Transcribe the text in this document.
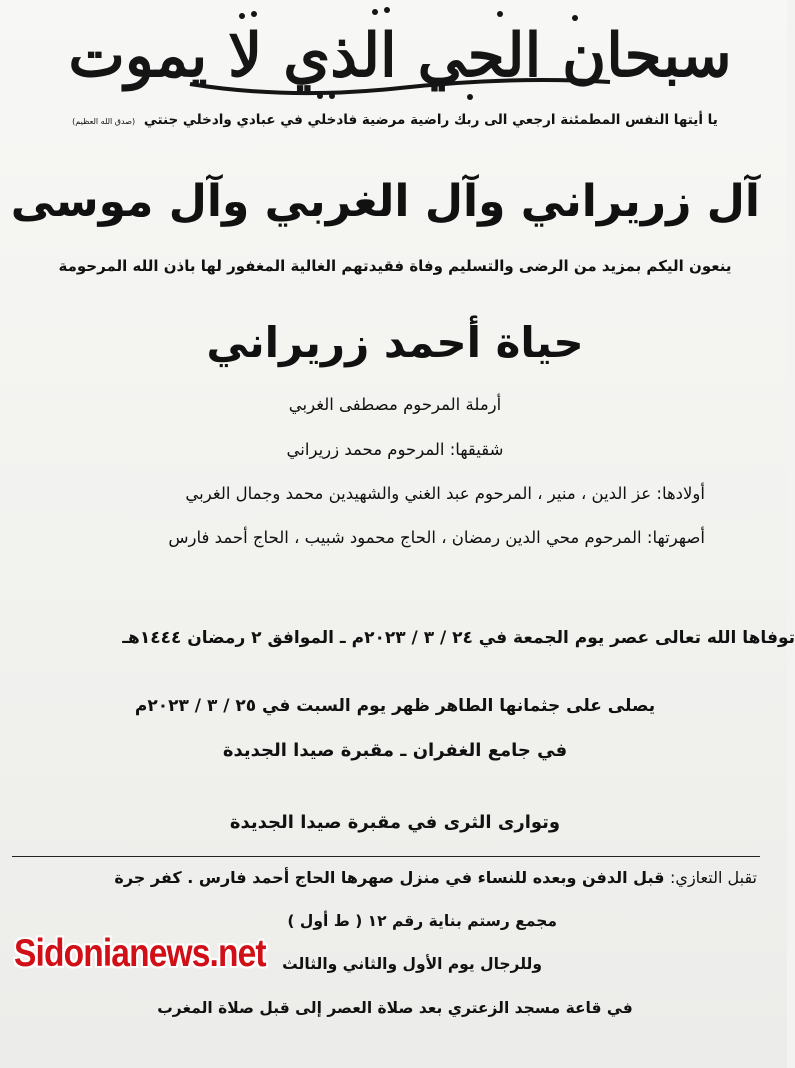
سبحان الحي الذي لا يموت
يا أيتها النفس المطمئنة ارجعي الى ربك راضية مرضية فادخلي في عبادي وادخلي جنتي (صدق الله العظيم)
آل زريراني وآل الغربي وآل موسى
ينعون اليكم بمزيد من الرضى والتسليم وفاة فقيدتهم الغالية المغفور لها باذن الله المرحومة
حياة أحمد زريراني
أرملة المرحوم مصطفى الغربي
شقيقها: المرحوم محمد زريراني
أولادها: عز الدين ، منير ، المرحوم عبد الغني والشهيدين محمد وجمال الغربي
أصهرتها: المرحوم محي الدين رمضان ، الحاج محمود شبيب ، الحاج أحمد فارس
توفاها الله تعالى عصر يوم الجمعة في ٢٤ / ٣ / ٢٠٢٣م ـ الموافق ٢ رمضان ١٤٤٤هـ
يصلى على جثمانها الطاهر ظهر يوم السبت في ٢٥ / ٣ / ٢٠٢٣م
في جامع الغفران ـ مقبرة صيدا الجديدة
وتوارى الثرى في مقبرة صيدا الجديدة
تقبل التعازي: قبل الدفن وبعده للنساء في منزل صهرها الحاج أحمد فارس . كفر جرة
مجمع رستم بناية رقم ١٢ ( ط أول )
وللرجال يوم الأول والثاني والثالث
في قاعة مسجد الزعتري بعد صلاة العصر إلى قبل صلاة المغرب
Sidonianews.net
